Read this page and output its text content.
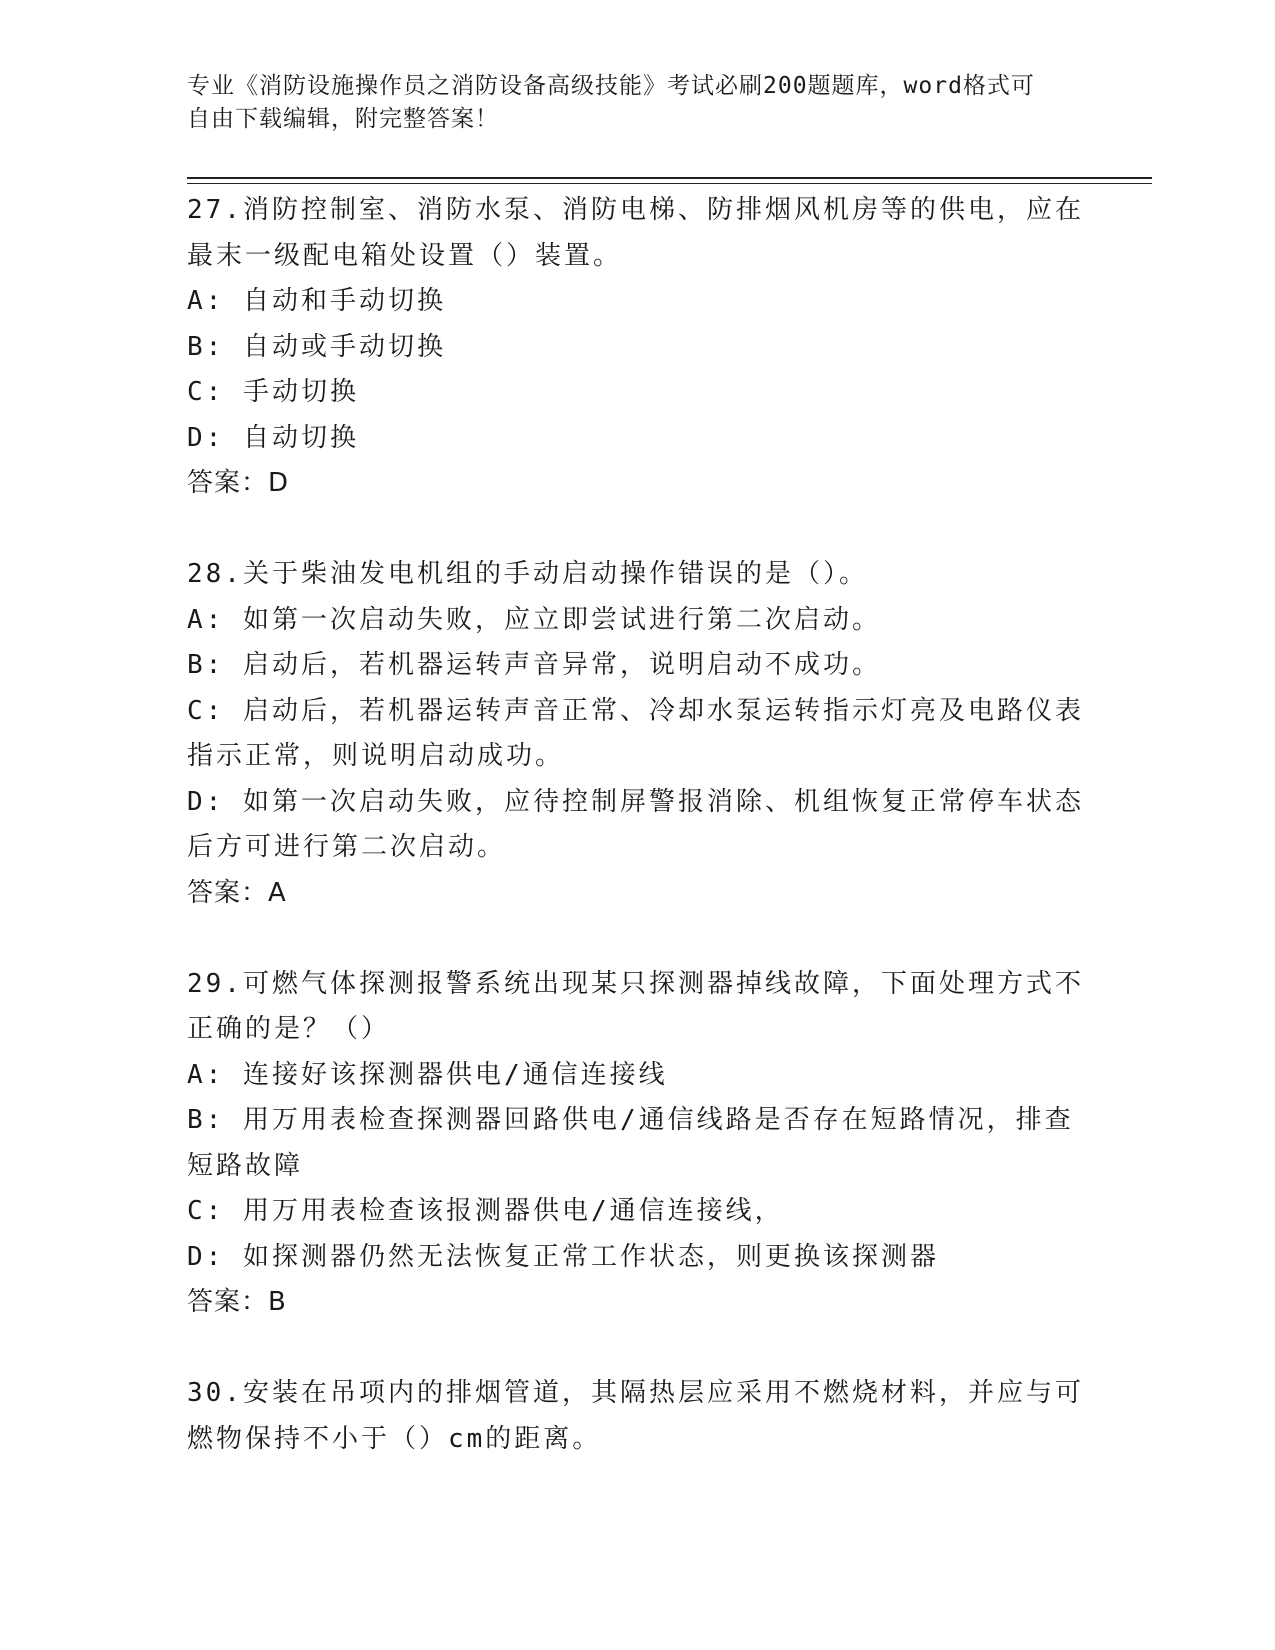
专业《消防设施操作员之消防设备高级技能》考试必刷200题题库，word格式可
自由下载编辑，附完整答案！
27.消防控制室、消防水泵、消防电梯、防排烟风机房等的供电，应在
最末一级配电箱处设置（）装置。
A: 自动和手动切换
B: 自动或手动切换
C: 手动切换
D: 自动切换
答案：D
28.关于柴油发电机组的手动启动操作错误的是（）。
A: 如第一次启动失败，应立即尝试进行第二次启动。
B: 启动后，若机器运转声音异常，说明启动不成功。
C: 启动后，若机器运转声音正常、冷却水泵运转指示灯亮及电路仪表
指示正常，则说明启动成功。
D: 如第一次启动失败，应待控制屏警报消除、机组恢复正常停车状态
后方可进行第二次启动。
答案：A
29.可燃气体探测报警系统出现某只探测器掉线故障，下面处理方式不
正确的是？（）
A: 连接好该探测器供电/通信连接线
B: 用万用表检查探测器回路供电/通信线路是否存在短路情况，排查
短路故障
C: 用万用表检查该报测器供电/通信连接线，
D: 如探测器仍然无法恢复正常工作状态，则更换该探测器
答案：B
30.安装在吊项内的排烟管道，其隔热层应采用不燃烧材料，并应与可
燃物保持不小于（）cm的距离。
